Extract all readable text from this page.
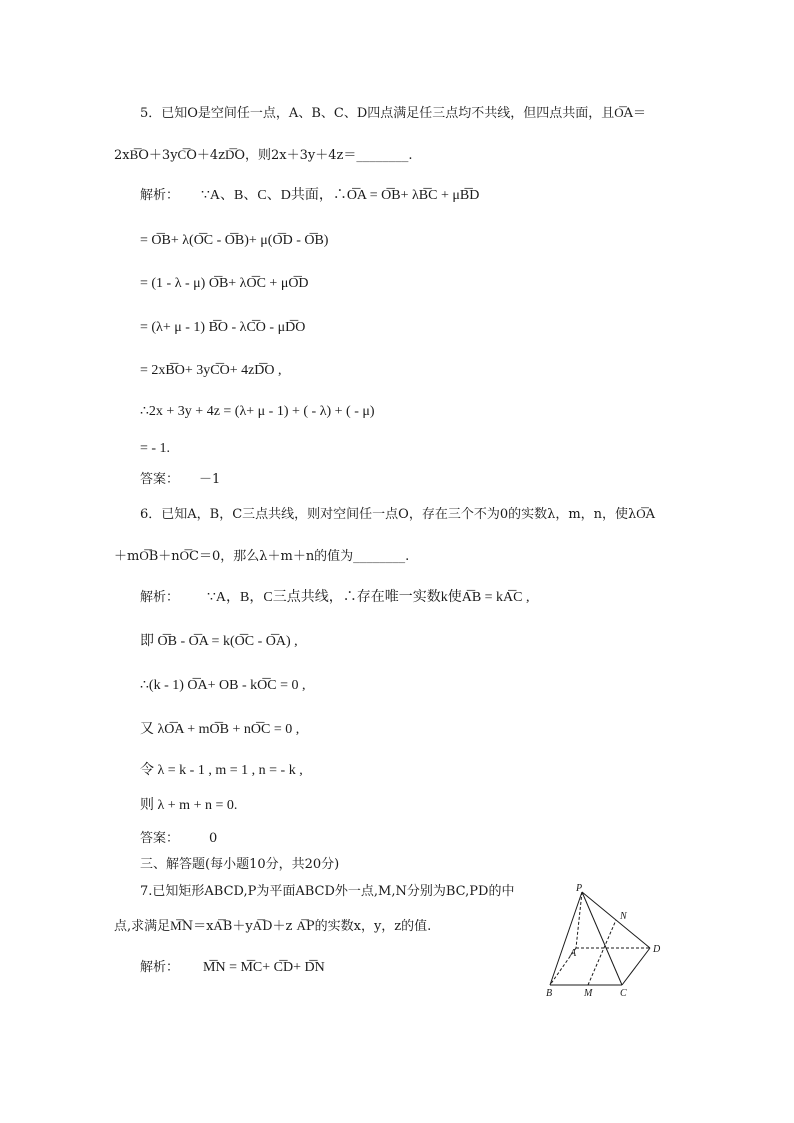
5．已知O是空间任一点，A、B、C、D四点满足任三点均不共线，但四点共面，且O͞A＝
2xB͞O＋3yC͞O＋4zD͞O，则2x＋3y＋4z＝________.
解析： ∵A、B、C、D共面，∴O͞A = O͞B+ λB͞C + μB͞D
= O͞B+ λ(O͞C - O͞B)+ μ(O͞D - O͞B)
= (1 - λ - μ) O͞B+ λO͞C + μO͞D
= (λ+ μ - 1) B͞O - λC͞O - μD͞O
= 2xB͞O+ 3yC͞O+ 4zD͞O ,
∴2x + 3y + 4z = (λ+ μ - 1) + ( - λ) + ( - μ)
= - 1.
答案： －1
6．已知A，B，C三点共线，则对空间任一点O，存在三个不为0的实数λ，m，n，使λO͞A
＋mO͞B＋nO͞C＝0，那么λ＋m＋n的值为________.
解析： ∵A，B，C三点共线，∴存在唯一实数k使A͞B = kA͞C ,
即 O͞B - O͞A = k(O͞C - O͞A) ,
∴(k - 1) O͞A+ OB - kO͞C = 0 ,
又 λO͞A + mO͞B + nO͞C = 0 ,
令 λ = k - 1 , m = 1 , n = - k ,
则 λ + m + n = 0.
答案： 0
三、解答题(每小题10分，共20分)
7.已知矩形ABCD,P为平面ABCD外一点,M,N分别为BC,PD的中
点,求满足M͞N＝xA͞B＋yA͞D＋z A͞P的实数x，y，z的值.
解析： M͞N = M͞C+ C͞D+ D͞N
P
N
A	D
B	M	C
